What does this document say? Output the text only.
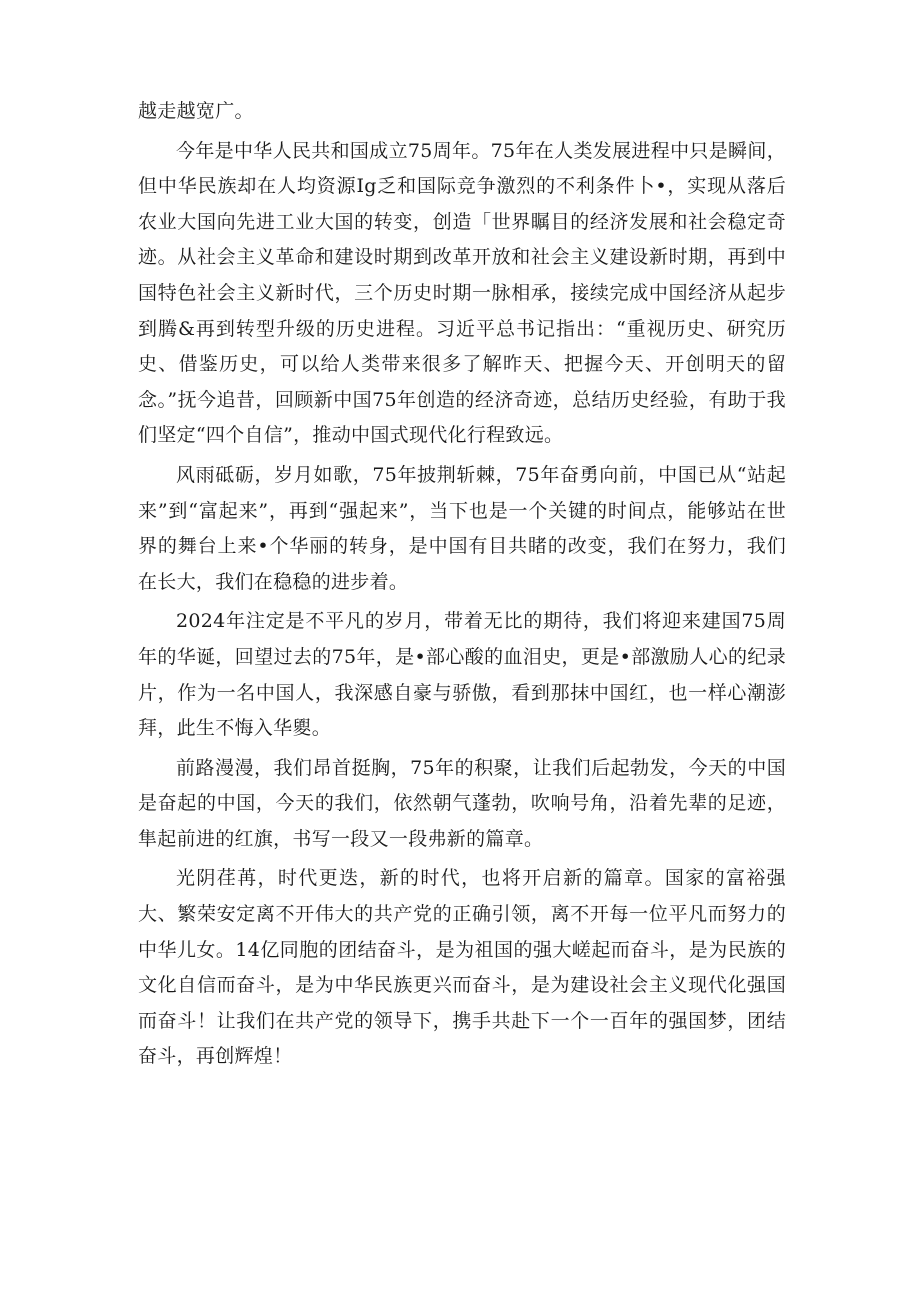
越走越宽广。

今年是中华人民共和国成立75周年。75年在人类发展进程中只是瞬间，但中华民族却在人均资源Ig乏和国际竞争激烈的不利条件卜•，实现从落后农业大国向先进工业大国的转变，创造「世界瞩目的经济发展和社会稳定奇迹。从社会主义革命和建设时期到改革开放和社会主义建设新时期，再到中国特色社会主义新时代，三个历史时期一脉相承，接续完成中国经济从起步到腾&再到转型升级的历史进程。习近平总书记指出：“重视历史、研究历史、借鉴历史，可以给人类带来很多了解昨天、把握今天、开创明天的留念。”抚今追昔，回顾新中国75年创造的经济奇迹，总结历史经验，有助于我们坚定“四个自信”，推动中国式现代化行程致远。

风雨砥砺，岁月如歌，75年披荆斩棘，75年奋勇向前，中国已从“站起来”到“富起来”，再到“强起来”，当下也是一个关键的时间点，能够站在世界的舞台上来•个华丽的转身，是中国有目共睹的改变，我们在努力，我们在长大，我们在稳稳的进步着。

2024年注定是不平凡的岁月，带着无比的期待，我们将迎来建国75周年的华诞，回望过去的75年，是•部心酸的血泪史，更是•部激励人心的纪录片，作为一名中国人，我深感自豪与骄傲，看到那抹中国红，也一样心潮澎拜，此生不悔入华夓。

前路漫漫，我们昂首挺胸，75年的积聚，让我们后起勃发，今天的中国是奋起的中国，今天的我们，依然朝气蓬勃，吹响号角，沿着先辈的足迹，隼起前进的红旗，书写一段又一段弗新的篇章。

光阴荏苒，时代更迭，新的时代，也将开启新的篇章。国家的富裕强大、繁荣安定离不开伟大的共产党的正确引领，离不开每一位平凡而努力的中华儿女。14亿同胞的团结奋斗，是为祖国的强大嵯起而奋斗，是为民族的文化自信而奋斗，是为中华民族更兴而奋斗，是为建设社会主义现代化强国而奋斗！让我们在共产党的领导下，携手共赴下一个一百年的强国梦，团结奋斗，再创辉煌！
